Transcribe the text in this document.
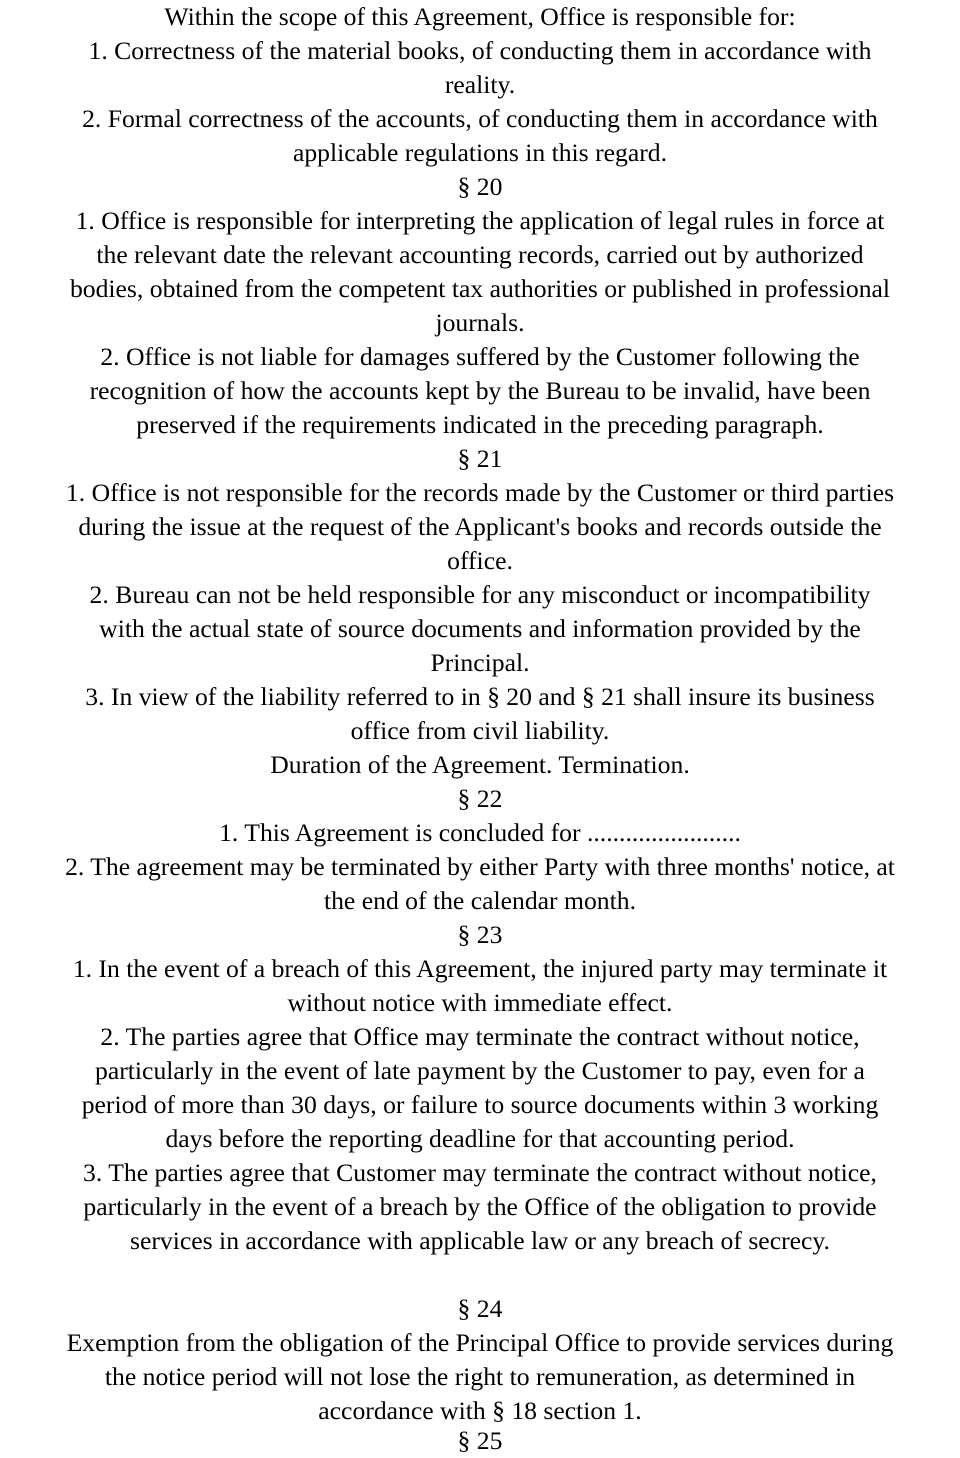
Within the scope of this Agreement, Office is responsible for:
1. Correctness of the material books, of conducting them in accordance with
reality.
2. Formal correctness of the accounts, of conducting them in accordance with
applicable regulations in this regard.
§ 20
1. Office is responsible for interpreting the application of legal rules in force at
the relevant date the relevant accounting records, carried out by authorized
bodies, obtained from the competent tax authorities or published in professional
journals.
2. Office is not liable for damages suffered by the Customer following the
recognition of how the accounts kept by the Bureau to be invalid, have been
preserved if the requirements indicated in the preceding paragraph.
§ 21
1. Office is not responsible for the records made by the Customer or third parties
during the issue at the request of the Applicant's books and records outside the
office.
2. Bureau can not be held responsible for any misconduct or incompatibility
with the actual state of source documents and information provided by the
Principal.
3. In view of the liability referred to in § 20 and § 21 shall insure its business
office from civil liability.
Duration of the Agreement. Termination.
§ 22
1. This Agreement is concluded for ........................
2. The agreement may be terminated by either Party with three months' notice, at
the end of the calendar month.
§ 23
1. In the event of a breach of this Agreement, the injured party may terminate it
without notice with immediate effect.
2. The parties agree that Office may terminate the contract without notice,
particularly in the event of late payment by the Customer to pay, even for a
period of more than 30 days, or failure to source documents within 3 working
days before the reporting deadline for that accounting period.
3. The parties agree that Customer may terminate the contract without notice,
particularly in the event of a breach by the Office of the obligation to provide
services in accordance with applicable law or any breach of secrecy.
§ 24
Exemption from the obligation of the Principal Office to provide services during
the notice period will not lose the right to remuneration, as determined in
accordance with § 18 section 1.
§ 25
